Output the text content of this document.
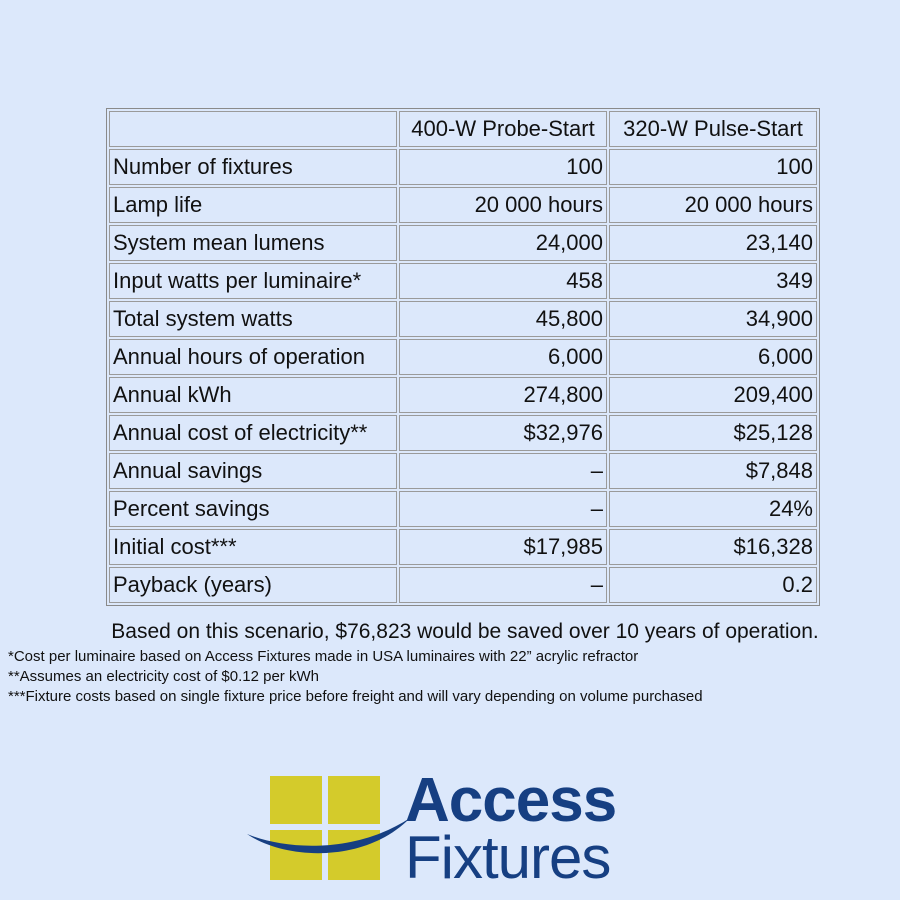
	400-W Probe-Start	320-W Pulse-Start
Number of fixtures	100	100
Lamp life	20 000 hours	20 000 hours
System mean lumens	24,000	23,140
Input watts per luminaire*	458	349
Total system watts	45,800	34,900
Annual hours of operation	6,000	6,000
Annual kWh	274,800	209,400
Annual cost of electricity**	$32,976	$25,128
Annual savings	–	$7,848
Percent savings	–	24%
Initial cost***	$17,985	$16,328
Payback (years)	–	0.2
Based on this scenario, $76,823 would be saved over 10 years of operation.
*Cost per luminaire based on Access Fixtures made in USA luminaires with 22” acrylic refractor
**Assumes an electricity cost of $0.12 per kWh
***Fixture costs based on single fixture price before freight and will vary depending on volume purchased
Access
Fixtures
